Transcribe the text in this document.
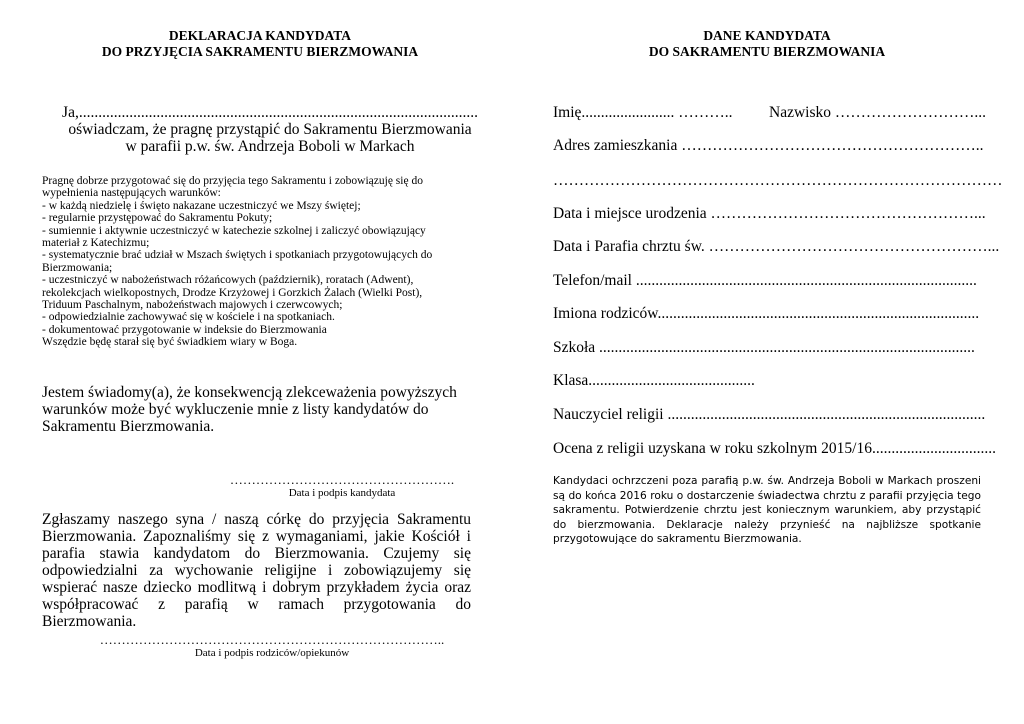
DEKLARACJA KANDYDATA
DO PRZYJĘCIA SAKRAMENTU BIERZMOWANIA
Ja,.......................................................................................................
oświadczam, że pragnę przystąpić do Sakramentu Bierzmowania
w parafii p.w. św. Andrzeja Boboli w Markach
Pragnę dobrze przygotować się do przyjęcia tego Sakramentu i zobowiązuję się do
wypełnienia następujących warunków:
- w każdą niedzielę i święto nakazane uczestniczyć we Mszy świętej;
- regularnie przystępować do Sakramentu Pokuty;
- sumiennie i aktywnie uczestniczyć w katechezie szkolnej i zaliczyć obowiązujący
materiał z Katechizmu;
- systematycznie brać udział w Mszach świętych i spotkaniach przygotowujących do
Bierzmowania;
- uczestniczyć w nabożeństwach różańcowych (październik), roratach (Adwent),
rekolekcjach wielkopostnych, Drodze Krzyżowej i Gorzkich Żalach (Wielki Post),
Triduum Paschalnym, nabożeństwach majowych i czerwcowych;
- odpowiedzialnie zachowywać się w kościele i na spotkaniach.
- dokumentować przygotowanie w indeksie do Bierzmowania
Wszędzie będę starał się być świadkiem wiary w Boga.
Jestem świadomy(a), że konsekwencją zlekceważenia powyższych
warunków może być wykluczenie mnie z listy kandydatów do
Sakramentu Bierzmowania.
…………………………………………….
Data i podpis kandydata
Zgłaszamy naszego syna / naszą córkę do przyjęcia Sakramentu Bierzmowania. Zapoznaliśmy się z wymaganiami, jakie Kościół i parafia stawia kandydatom do Bierzmowania. Czujemy się odpowiedzialni za wychowanie religijne i zobowiązujemy się wspierać nasze dziecko modlitwą i dobrym przykładem życia oraz współpracować z parafią w ramach przygotowania do Bierzmowania.
……………………………………………………………………..
Data i podpis rodziców/opiekunów
DANE KANDYDATA
DO SAKRAMENTU BIERZMOWANIA
Imię........................ ……….. Nazwisko ………………………...
Adres zamieszkania …………………………………………………..
……………………………………………………………………………
Data i miejsce urodzenia ……………………………………………...
Data i Parafia chrztu św. ………………………………………………...
Telefon/mail ........................................................................................
Imiona rodziców...................................................................................
Szkoła .................................................................................................
Klasa...........................................
Nauczyciel religii ..................................................................................
Ocena z religii uzyskana w roku szkolnym 2015/16................................
Kandydaci ochrzczeni poza parafią p.w. św. Andrzeja Boboli w Markach proszeni są do końca 2016 roku o dostarczenie świadectwa chrztu z parafii przyjęcia tego sakramentu. Potwierdzenie chrztu jest koniecznym warunkiem, aby przystąpić do bierzmowania. Deklaracje należy przynieść na najbliższe spotkanie przygotowujące do sakramentu Bierzmowania.
